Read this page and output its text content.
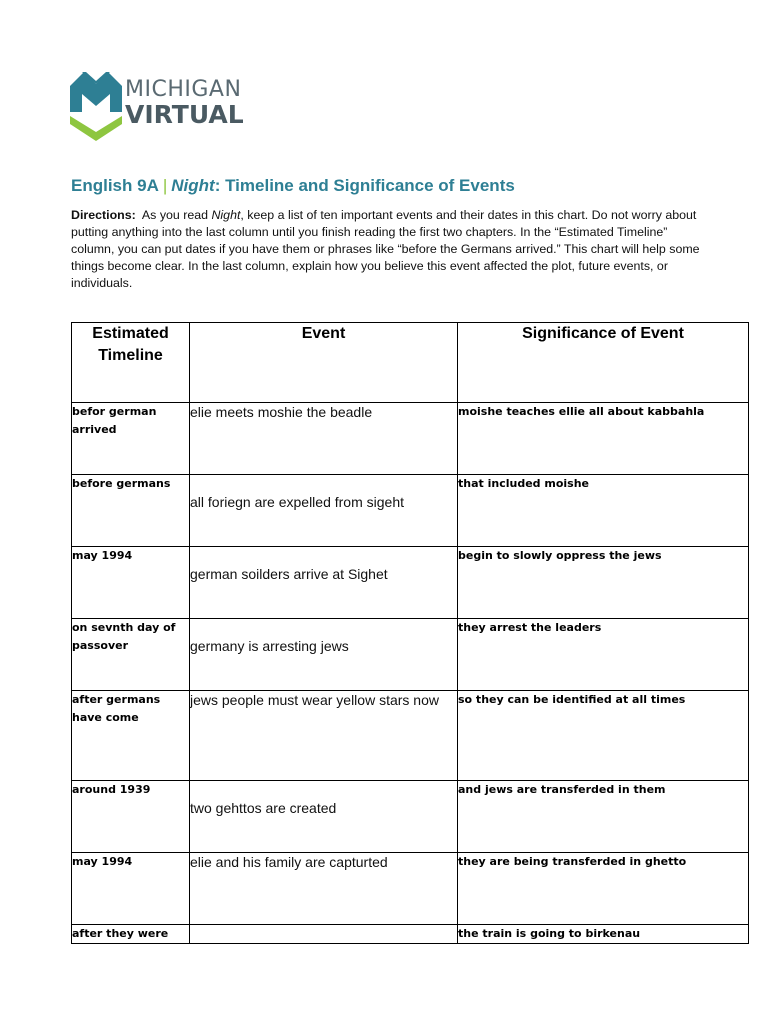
MICHIGAN
VIRTUAL
English 9A | Night: Timeline and Significance of Events
Directions:  As you read Night, keep a list of ten important events and their dates in this chart. Do not worry about putting anything into the last column until you finish reading the first two chapters. In the “Estimated Timeline” column, you can put dates if you have them or phrases like “before the Germans arrived.” This chart will help some things become clear. In the last column, explain how you believe this event affected the plot, future events, or individuals.
Estimated
Timeline	Event	Significance of Event

befor german arrived	elie meets moshie the beadle	moishe teaches ellie all about kabbahla
before germans	all foriegn are expelled from sigeht	that included moishe
may 1994	german soilders arrive at Sighet	begin to slowly oppress the jews
on sevnth day of passover	germany is arresting jews	they arrest the leaders
after germans have come	jews people must wear yellow stars now	so they can be identified at all times
around 1939	two gehttos are created	and jews are transferded in them
may 1994	elie and his family are capturted	they are being transferded in ghetto
after they were		the train is going to birkenau
